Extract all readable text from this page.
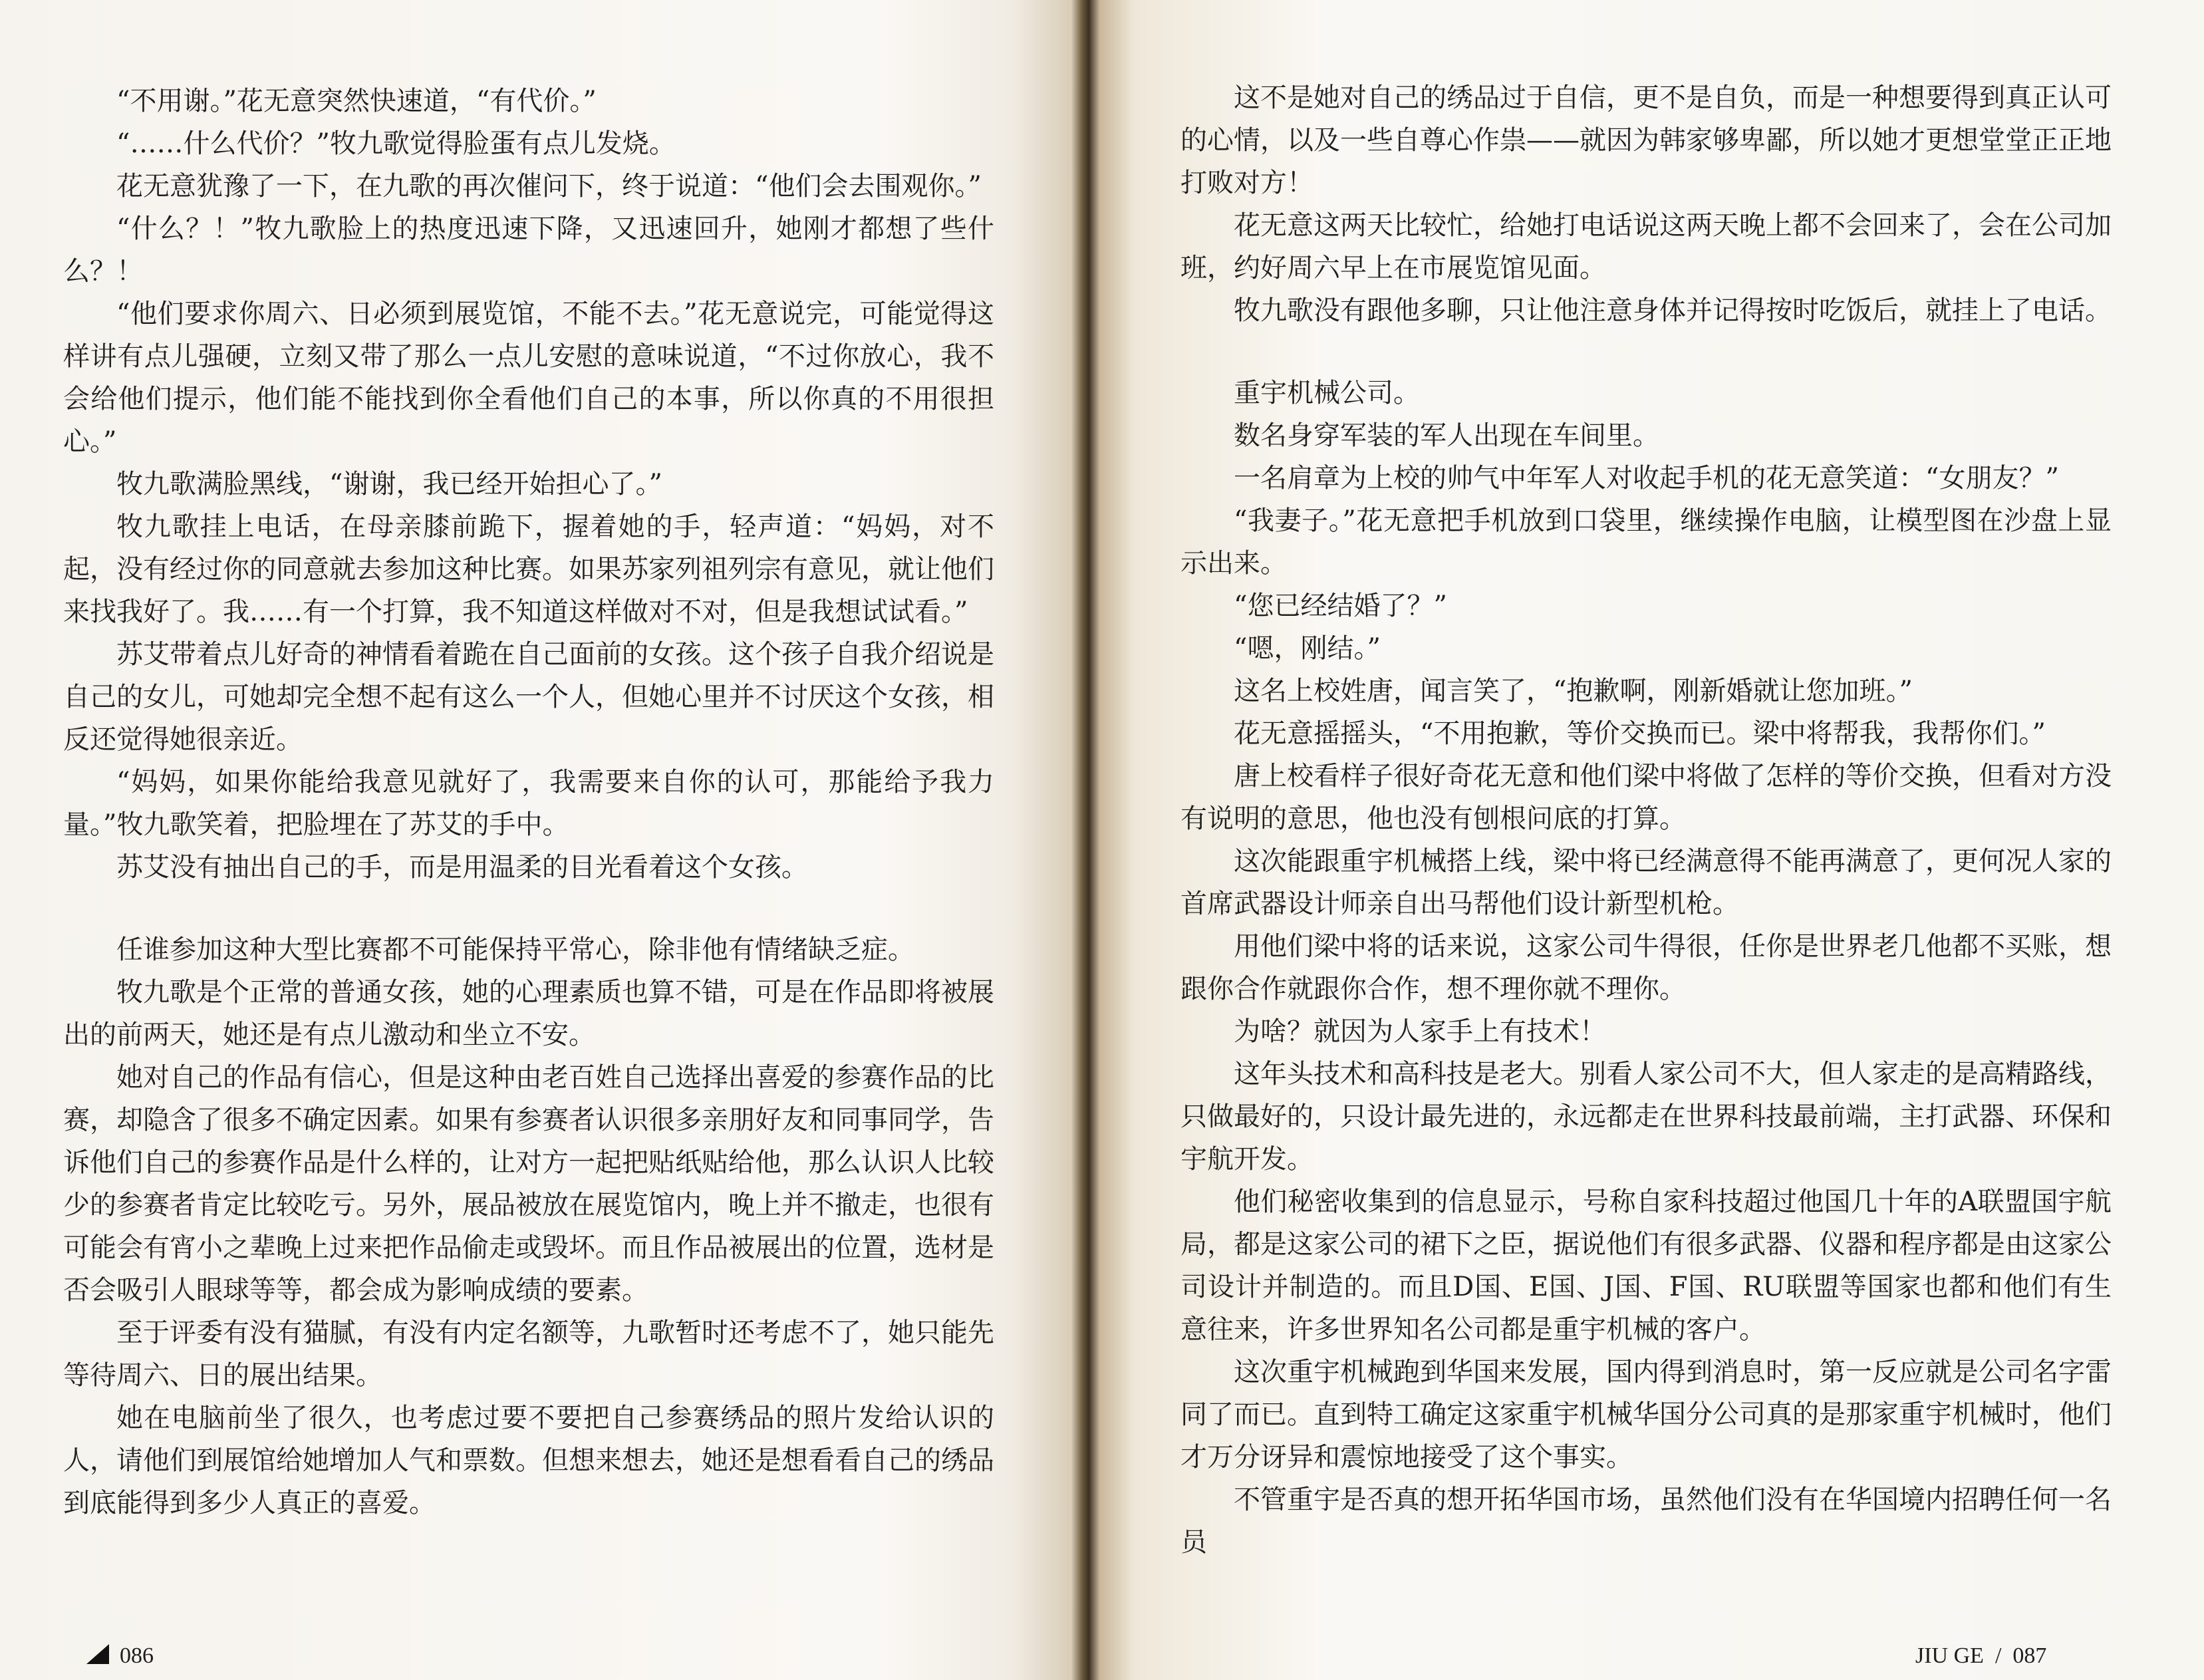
“不用谢。”花无意突然快速道，“有代价。”

“……什么代价？”牧九歌觉得脸蛋有点儿发烧。

花无意犹豫了一下，在九歌的再次催问下，终于说道：“他们会去围观你。”

“什么？！”牧九歌脸上的热度迅速下降，又迅速回升，她刚才都想了些什么？！

“他们要求你周六、日必须到展览馆，不能不去。”花无意说完，可能觉得这样讲有点儿强硬，立刻又带了那么一点儿安慰的意味说道，“不过你放心，我不会给他们提示，他们能不能找到你全看他们自己的本事，所以你真的不用很担心。”

牧九歌满脸黑线，“谢谢，我已经开始担心了。”

牧九歌挂上电话，在母亲膝前跪下，握着她的手，轻声道：“妈妈，对不起，没有经过你的同意就去参加这种比赛。如果苏家列祖列宗有意见，就让他们来找我好了。我……有一个打算，我不知道这样做对不对，但是我想试试看。”

苏艾带着点儿好奇的神情看着跪在自己面前的女孩。这个孩子自我介绍说是自己的女儿，可她却完全想不起有这么一个人，但她心里并不讨厌这个女孩，相反还觉得她很亲近。

“妈妈，如果你能给我意见就好了，我需要来自你的认可，那能给予我力量。”牧九歌笑着，把脸埋在了苏艾的手中。

苏艾没有抽出自己的手，而是用温柔的目光看着这个女孩。

任谁参加这种大型比赛都不可能保持平常心，除非他有情绪缺乏症。

牧九歌是个正常的普通女孩，她的心理素质也算不错，可是在作品即将被展出的前两天，她还是有点儿激动和坐立不安。

她对自己的作品有信心，但是这种由老百姓自己选择出喜爱的参赛作品的比赛，却隐含了很多不确定因素。如果有参赛者认识很多亲朋好友和同事同学，告诉他们自己的参赛作品是什么样的，让对方一起把贴纸贴给他，那么认识人比较少的参赛者肯定比较吃亏。另外，展品被放在展览馆内，晚上并不撤走，也很有可能会有宵小之辈晚上过来把作品偷走或毁坏。而且作品被展出的位置，选材是否会吸引人眼球等等，都会成为影响成绩的要素。

至于评委有没有猫腻，有没有内定名额等，九歌暂时还考虑不了，她只能先等待周六、日的展出结果。

她在电脑前坐了很久，也考虑过要不要把自己参赛绣品的照片发给认识的人，请他们到展馆给她增加人气和票数。但想来想去，她还是想看看自己的绣品到底能得到多少人真正的喜爱。

086

这不是她对自己的绣品过于自信，更不是自负，而是一种想要得到真正认可的心情，以及一些自尊心作祟——就因为韩家够卑鄙，所以她才更想堂堂正正地打败对方！

花无意这两天比较忙，给她打电话说这两天晚上都不会回来了，会在公司加班，约好周六早上在市展览馆见面。

牧九歌没有跟他多聊，只让他注意身体并记得按时吃饭后，就挂上了电话。

重宇机械公司。

数名身穿军装的军人出现在车间里。

一名肩章为上校的帅气中年军人对收起手机的花无意笑道：“女朋友？”

“我妻子。”花无意把手机放到口袋里，继续操作电脑，让模型图在沙盘上显示出来。

“您已经结婚了？”

“嗯，刚结。”

这名上校姓唐，闻言笑了，“抱歉啊，刚新婚就让您加班。”

花无意摇摇头，“不用抱歉，等价交换而已。梁中将帮我，我帮你们。”

唐上校看样子很好奇花无意和他们梁中将做了怎样的等价交换，但看对方没有说明的意思，他也没有刨根问底的打算。

这次能跟重宇机械搭上线，梁中将已经满意得不能再满意了，更何况人家的首席武器设计师亲自出马帮他们设计新型机枪。

用他们梁中将的话来说，这家公司牛得很，任你是世界老几他都不买账，想跟你合作就跟你合作，想不理你就不理你。

为啥？就因为人家手上有技术！

这年头技术和高科技是老大。别看人家公司不大，但人家走的是高精路线，只做最好的，只设计最先进的，永远都走在世界科技最前端，主打武器、环保和宇航开发。

他们秘密收集到的信息显示，号称自家科技超过他国几十年的A联盟国宇航局，都是这家公司的裙下之臣，据说他们有很多武器、仪器和程序都是由这家公司设计并制造的。而且D国、E国、J国、F国、RU联盟等国家也都和他们有生意往来，许多世界知名公司都是重宇机械的客户。

这次重宇机械跑到华国来发展，国内得到消息时，第一反应就是公司名字雷同了而已。直到特工确定这家重宇机械华国分公司真的是那家重宇机械时，他们才万分讶异和震惊地接受了这个事实。

不管重宇是否真的想开拓华国市场，虽然他们没有在华国境内招聘任何一名员

JIU GE / 087
